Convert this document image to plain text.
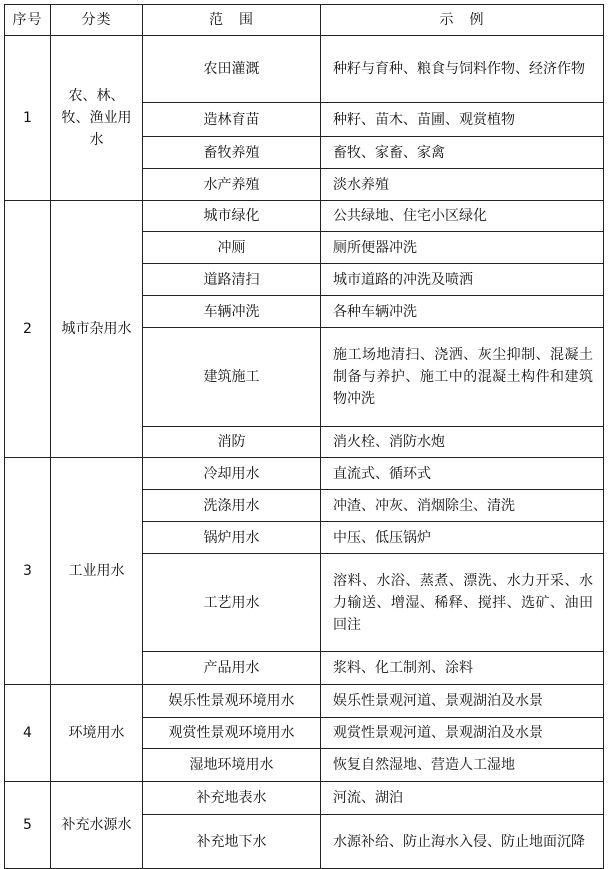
序号	分类	范　围	示　例
1	农、林、牧、渔业用水	农田灌溉	种籽与育种、粮食与饲料作物、经济作物
		造林育苗	种籽、苗木、苗圃、观赏植物
		畜牧养殖	畜牧、家畜、家禽
		水产养殖	淡水养殖
2	城市杂用水	城市绿化	公共绿地、住宅小区绿化
		冲厕	厕所便器冲洗
		道路清扫	城市道路的冲洗及喷洒
		车辆冲洗	各种车辆冲洗
		建筑施工	施工场地清扫、浇洒、灰尘抑制、混凝土制备与养护、施工中的混凝土构件和建筑物冲洗
		消防	消火栓、消防水炮
3	工业用水	冷却用水	直流式、循环式
		洗涤用水	冲渣、冲灰、消烟除尘、清洗
		锅炉用水	中压、低压锅炉
		工艺用水	溶料、水浴、蒸煮、漂洗、水力开采、水力输送、增湿、稀释、搅拌、选矿、油田回注
		产品用水	浆料、化工制剂、涂料
4	环境用水	娱乐性景观环境用水	娱乐性景观河道、景观湖泊及水景
		观赏性景观环境用水	观赏性景观河道、景观湖泊及水景
		湿地环境用水	恢复自然湿地、营造人工湿地
5	补充水源水	补充地表水	河流、湖泊
		补充地下水	水源补给、防止海水入侵、防止地面沉降
